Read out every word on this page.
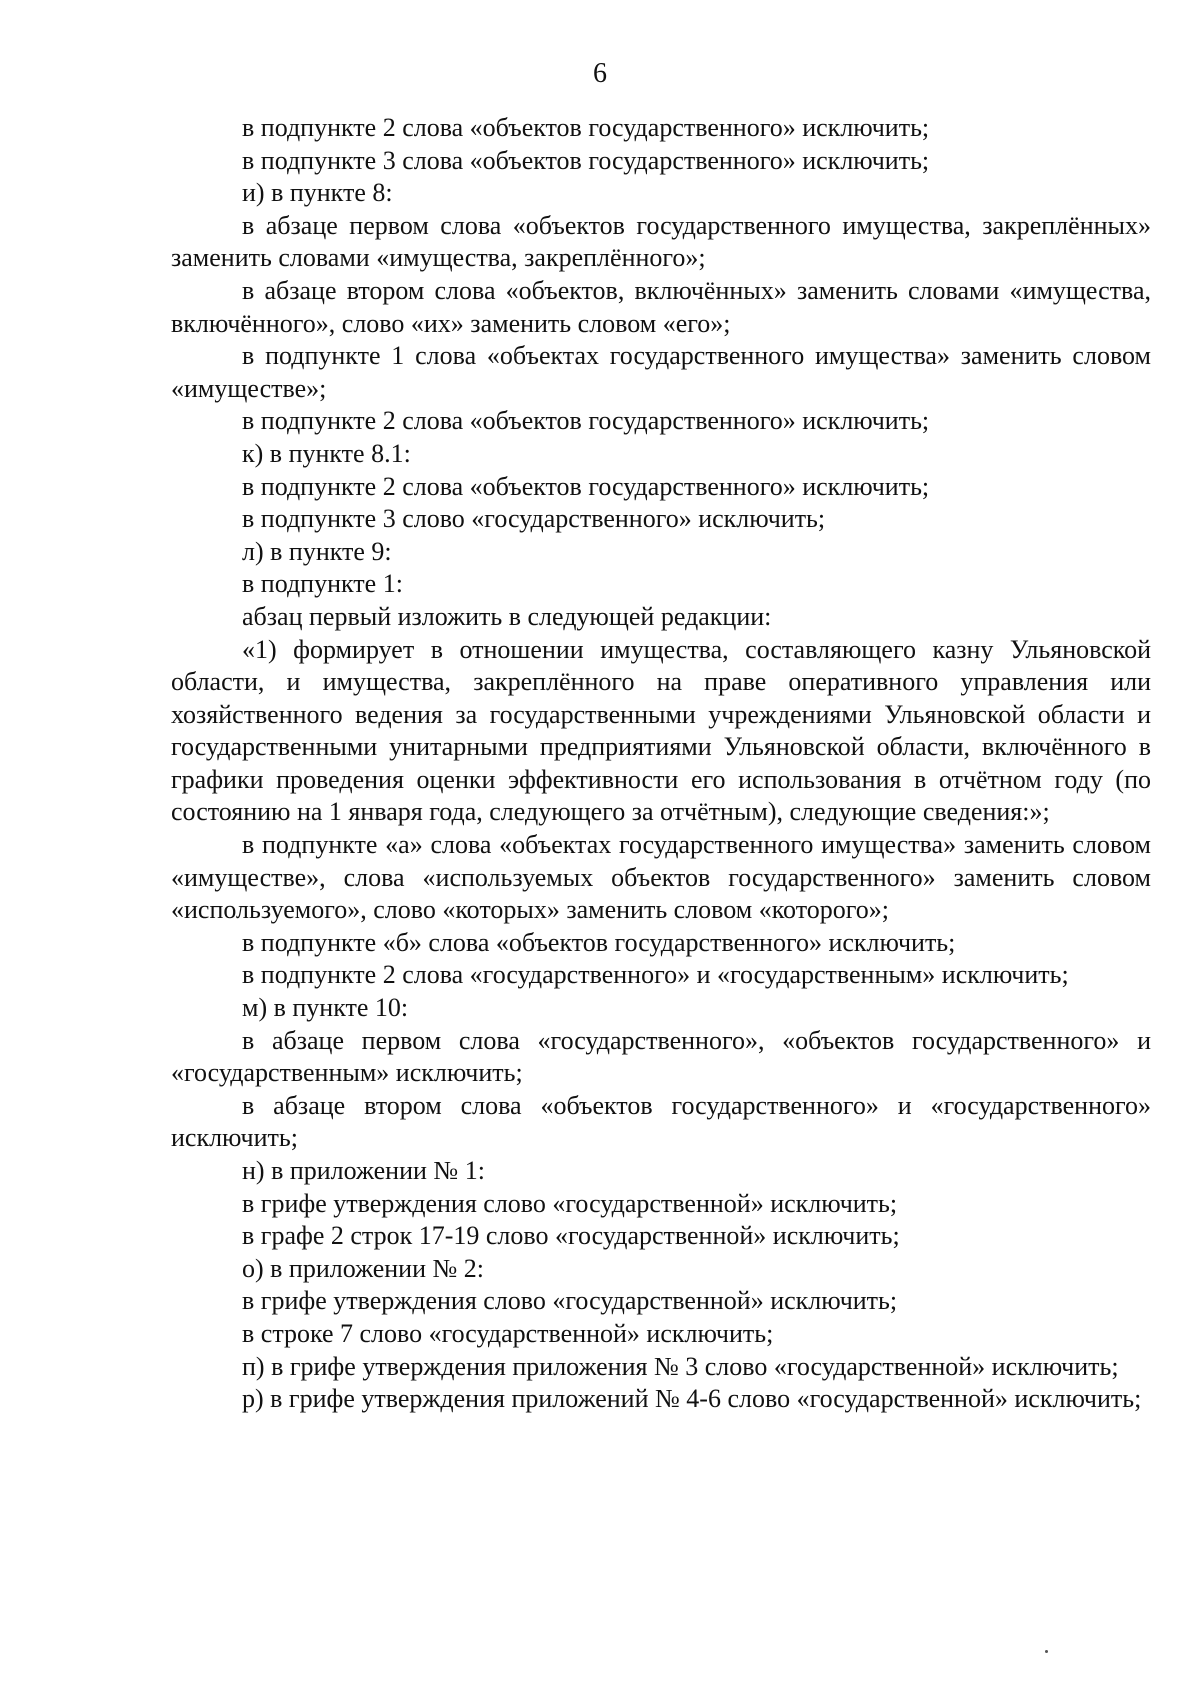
6

в подпункте 2 слова «объектов государственного» исключить;

в подпункте 3 слова «объектов государственного» исключить;

и) в пункте 8:

в абзаце первом слова «объектов государственного имущества, закреплённых» заменить словами «имущества, закреплённого»;

в абзаце втором слова «объектов, включённых» заменить словами «имущества, включённого», слово «их» заменить словом «его»;

в подпункте 1 слова «объектах государственного имущества» заменить словом «имуществе»;

в подпункте 2 слова «объектов государственного» исключить;

к) в пункте 8.1:

в подпункте 2 слова «объектов государственного» исключить;

в подпункте 3 слово «государственного» исключить;

л) в пункте 9:

в подпункте 1:

абзац первый изложить в следующей редакции:

«1) формирует в отношении имущества, составляющего казну Ульяновской области, и имущества, закреплённого на праве оперативного управления или хозяйственного ведения за государственными учреждениями Ульяновской области и государственными унитарными предприятиями Ульяновской области, включённого в графики проведения оценки эффективности его использования в отчётном году (по состоянию на 1 января года, следующего за отчётным), следующие сведения:»;

в подпункте «а» слова «объектах государственного имущества» заменить словом «имуществе», слова «используемых объектов государственного» заменить словом «используемого», слово «которых» заменить словом «которого»;

в подпункте «б» слова «объектов государственного» исключить;

в подпункте 2 слова «государственного» и «государственным» исключить;

м) в пункте 10:

в абзаце первом слова «государственного», «объектов государственного» и «государственным» исключить;

в абзаце втором слова «объектов государственного» и «государственного» исключить;

н) в приложении № 1:

в грифе утверждения слово «государственной» исключить;

в графе 2 строк 17-19 слово «государственной» исключить;

о) в приложении № 2:

в грифе утверждения слово «государственной» исключить;

в строке 7 слово «государственной» исключить;

п) в грифе утверждения приложения № 3 слово «государственной» исключить;

р) в грифе утверждения приложений № 4-6 слово «государственной» исключить;
